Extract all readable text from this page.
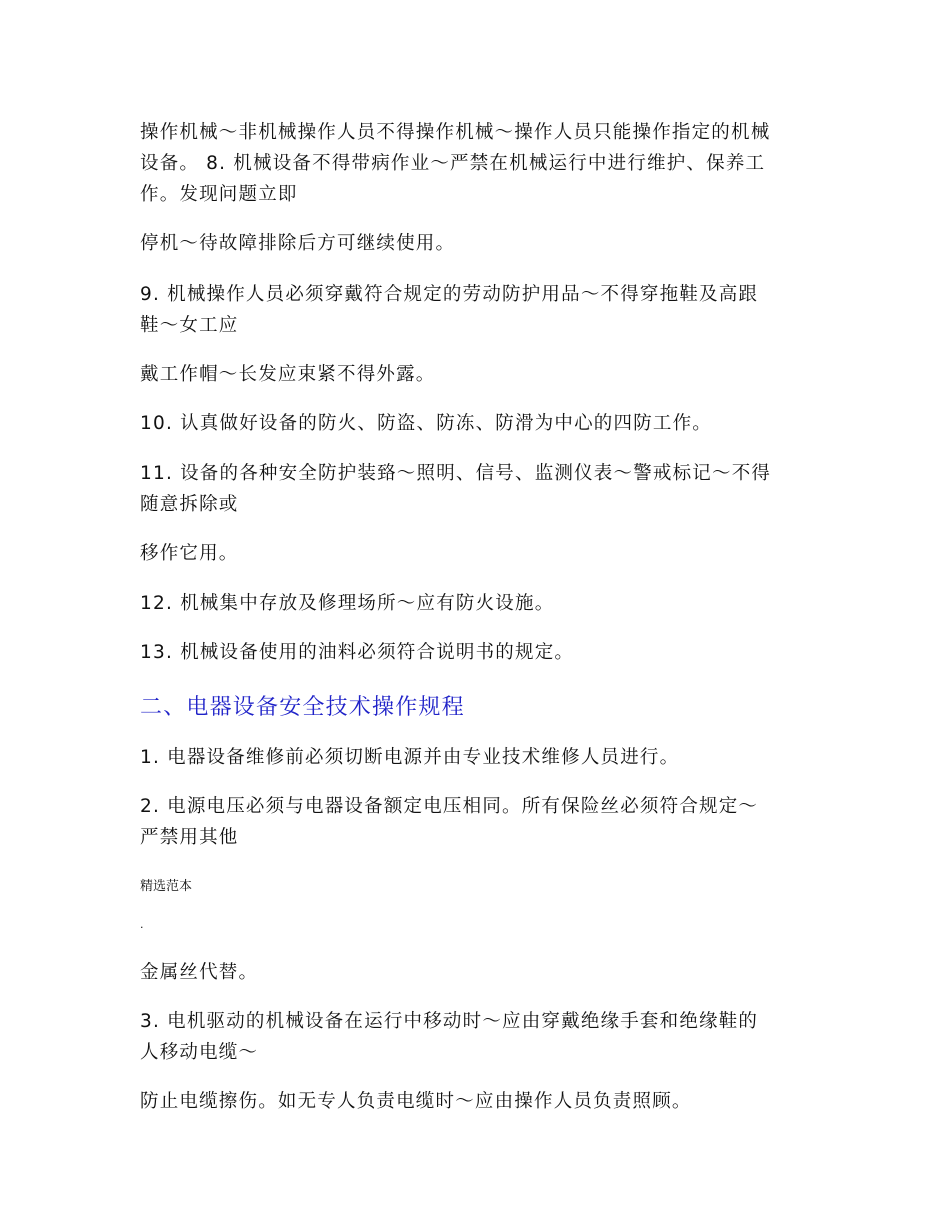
操作机械～非机械操作人员不得操作机械～操作人员只能操作指定的机械

设备。 8. 机械设备不得带病作业～严禁在机械运行中进行维护、保养工

作。发现问题立即

停机～待故障排除后方可继续使用。

9. 机械操作人员必须穿戴符合规定的劳动防护用品～不得穿拖鞋及高跟

鞋～女工应

戴工作帽～长发应束紧不得外露。

10. 认真做好设备的防火、防盗、防冻、防滑为中心的四防工作。

11. 设备的各种安全防护装臵～照明、信号、监测仪表～警戒标记～不得

随意拆除或

移作它用。

12. 机械集中存放及修理场所～应有防火设施。

13. 机械设备使用的油料必须符合说明书的规定。

二、电器设备安全技术操作规程

1. 电器设备维修前必须切断电源并由专业技术维修人员进行。

2. 电源电压必须与电器设备额定电压相同。所有保险丝必须符合规定～

严禁用其他

精选范本

.

金属丝代替。

3. 电机驱动的机械设备在运行中移动时～应由穿戴绝缘手套和绝缘鞋的

人移动电缆～

防止电缆擦伤。如无专人负责电缆时～应由操作人员负责照顾。
